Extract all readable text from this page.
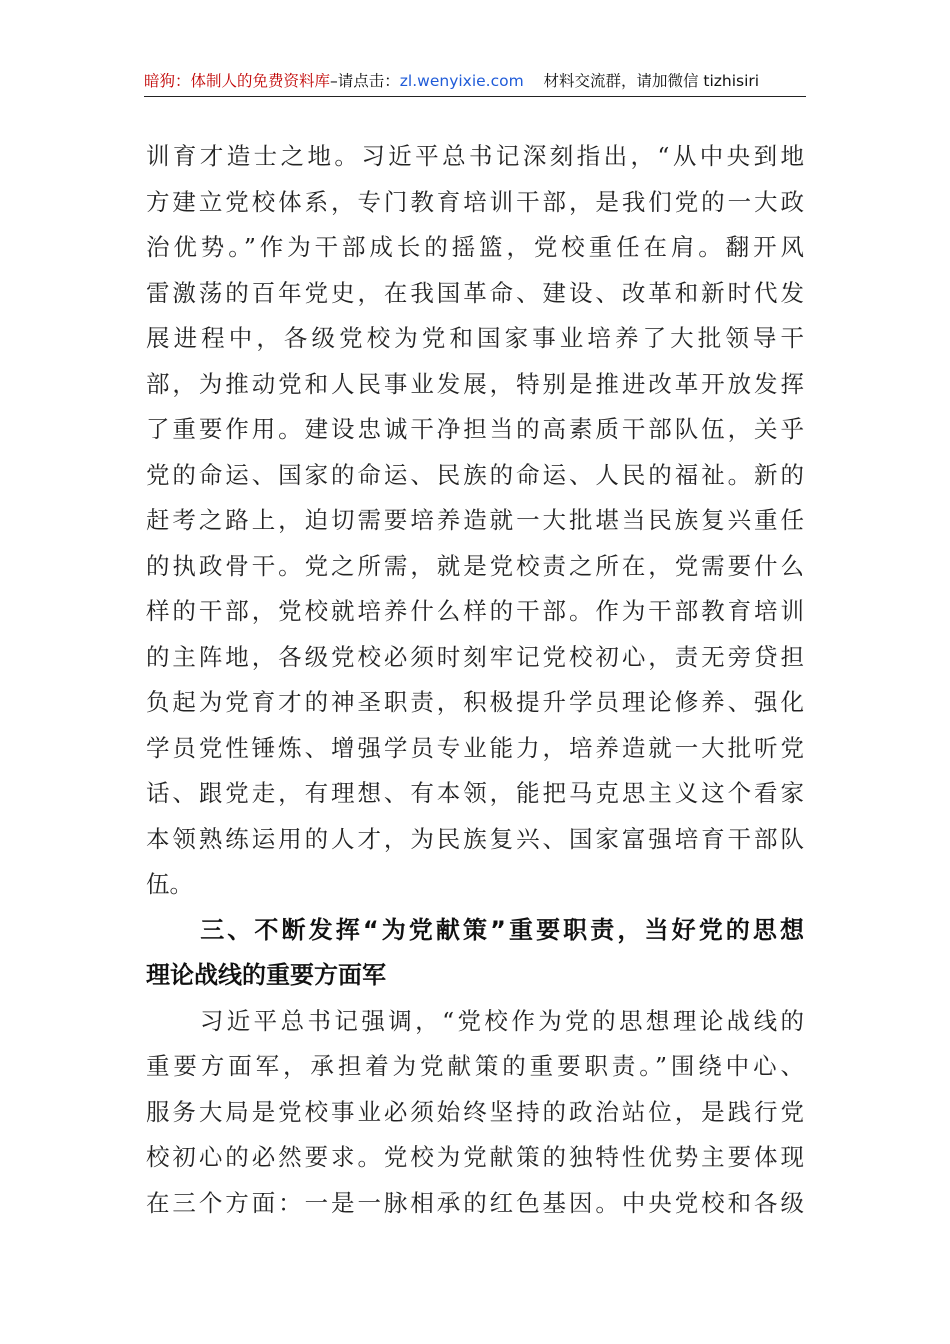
暗狗：体制人的免费资料库–请点击：zl.wenyixie.com 材料交流群，请加微信 tizhisiri
训育才造士之地。习近平总书记深刻指出，“从中央到地
方建立党校体系，专门教育培训干部，是我们党的一大政
治优势。”作为干部成长的摇篮，党校重任在肩。翻开风
雷激荡的百年党史，在我国革命、建设、改革和新时代发
展进程中，各级党校为党和国家事业培养了大批领导干
部，为推动党和人民事业发展，特别是推进改革开放发挥
了重要作用。建设忠诚干净担当的高素质干部队伍，关乎
党的命运、国家的命运、民族的命运、人民的福祉。新的
赶考之路上，迫切需要培养造就一大批堪当民族复兴重任
的执政骨干。党之所需，就是党校责之所在，党需要什么
样的干部，党校就培养什么样的干部。作为干部教育培训
的主阵地，各级党校必须时刻牢记党校初心，责无旁贷担
负起为党育才的神圣职责，积极提升学员理论修养、强化
学员党性锤炼、增强学员专业能力，培养造就一大批听党
话、跟党走，有理想、有本领，能把马克思主义这个看家
本领熟练运用的人才，为民族复兴、国家富强培育干部队
伍。
　　三、不断发挥“为党献策”重要职责，当好党的思想
理论战线的重要方面军
　　习近平总书记强调，“党校作为党的思想理论战线的
重要方面军，承担着为党献策的重要职责。”围绕中心、
服务大局是党校事业必须始终坚持的政治站位，是践行党
校初心的必然要求。党校为党献策的独特性优势主要体现
在三个方面：一是一脉相承的红色基因。中央党校和各级
